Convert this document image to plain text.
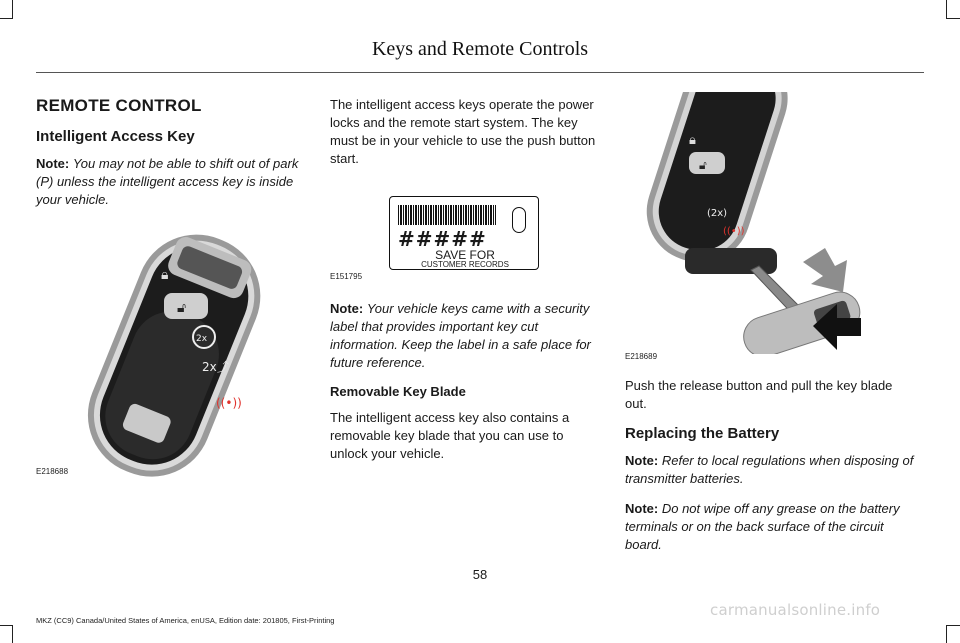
Keys and Remote Controls
REMOTE CONTROL
Intelligent Access Key
Note: You may not be able to shift out of park (P) unless the intelligent access key is inside your vehicle.
🔒︎
🔓︎
2x
2x⤴
((•))
E218688
The intelligent access keys operate the power locks and the remote start system. The key must be in your vehicle to use the push button start.
#####
SAVE FOR
CUSTOMER RECORDS
E151795
Note: Your vehicle keys came with a security label that provides important key cut information. Keep the label in a safe place for future reference.
Removable Key Blade
The intelligent access key also contains a removable key blade that you can use to unlock your vehicle.
🔒︎
🔓︎
(2x)
((•))
E218689
Push the release button and pull the key blade out.
Replacing the Battery
Note: Refer to local regulations when disposing of transmitter batteries.
Note: Do not wipe off any grease on the battery terminals or on the back surface of the circuit board.
58
MKZ (CC9) Canada/United States of America, enUSA, Edition date: 201805, First-Printing
carmanualsonline.info
